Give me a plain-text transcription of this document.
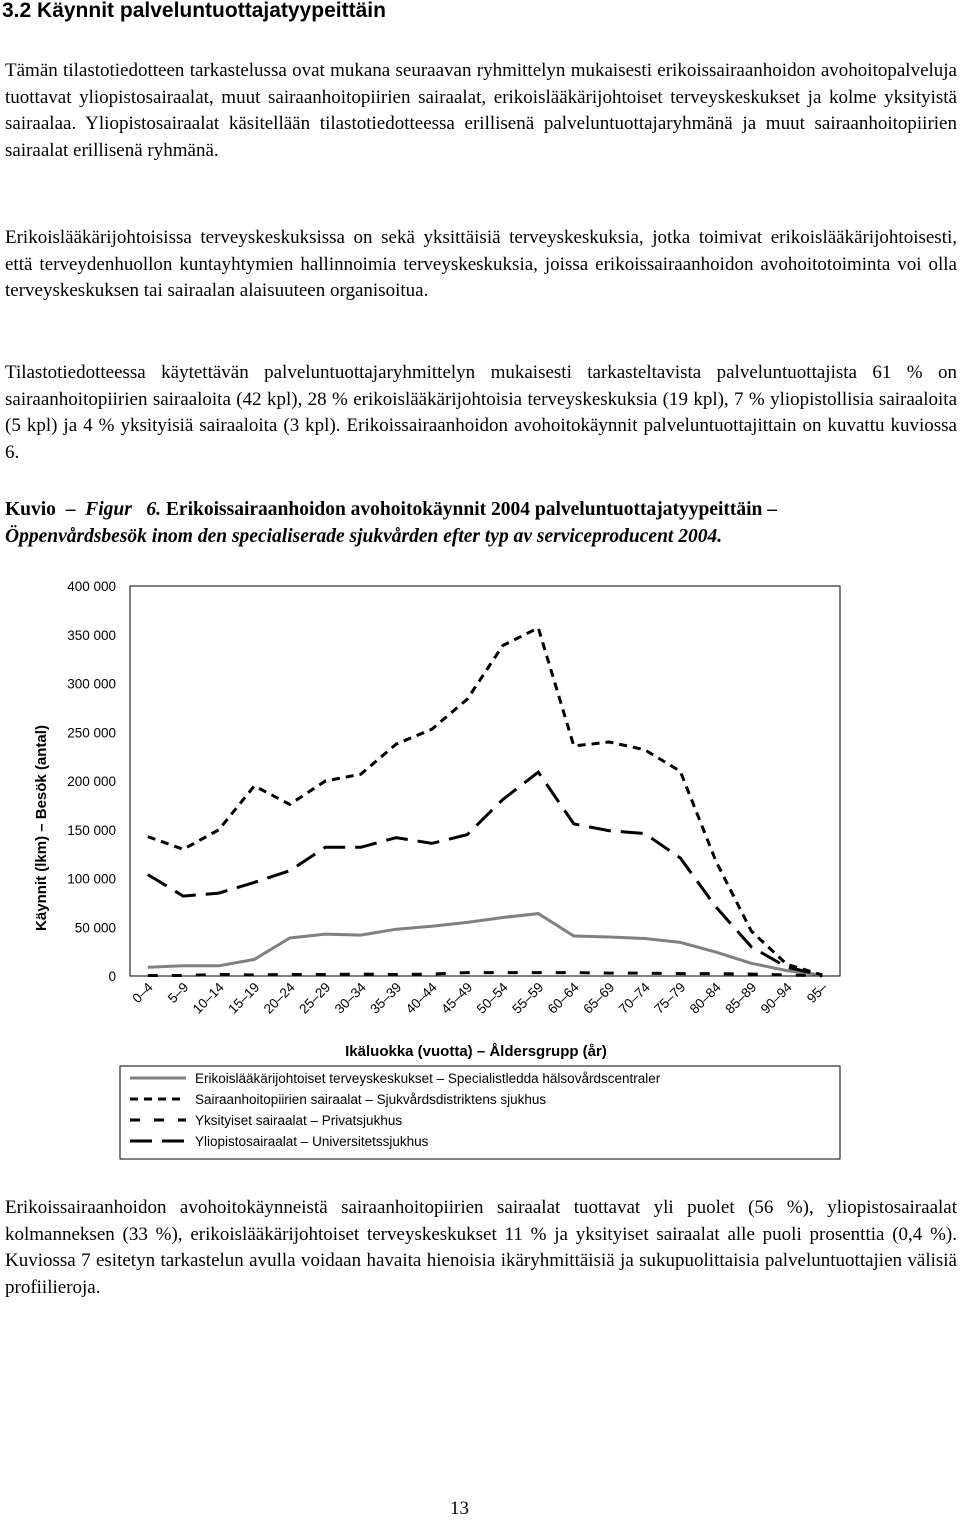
3.2 Käynnit palveluntuottajatyypeittäin

Tämän tilastotiedotteen tarkastelussa ovat mukana seuraavan ryhmittelyn mukaisesti erikoissairaanhoidon avohoitopalveluja tuottavat yliopistosairaalat, muut sairaanhoitopiirien sairaalat, erikoislääkärijohtoiset terveyskeskukset ja kolme yksityistä sairaalaa. Yliopistosairaalat käsitellään tilastotiedotteessa erillisenä palveluntuottajaryhmänä ja muut sairaanhoitopiirien sairaalat erillisenä ryhmänä.

Erikoislääkärijohtoisissa terveyskeskuksissa on sekä yksittäisiä terveyskeskuksia, jotka toimivat erikoislääkärijohtoisesti, että terveydenhuollon kuntayhtymien hallinnoimia terveyskeskuksia, joissa erikoissairaanhoidon avohoitotoiminta voi olla terveyskeskuksen tai sairaalan alaisuuteen organisoitua.

Tilastotiedotteessa käytettävän palveluntuottajaryhmittelyn mukaisesti tarkasteltavista palveluntuottajista 61 % on sairaanhoitopiirien sairaaloita (42 kpl), 28 % erikoislääkärijohtoisia terveyskeskuksia (19 kpl), 7 % yliopistollisia sairaaloita (5 kpl) ja 4 % yksityisiä sairaaloita (3 kpl). Erikoissairaanhoidon avohoitokäynnit palveluntuottajittain on kuvattu kuviossa 6.

Kuvio  –  Figur 6. Erikoissairaanhoidon avohoitokäynnit 2004 palveluntuottajatyypeittäin –
Öppenvårdsbesök inom den specialiserade sjukvården efter typ av serviceproducent 2004.
0
50 000
100 000
150 000
200 000
250 000
300 000
350 000
400 000
Käynnit (lkm) – Besök (antal)
0–4 5–9
10–14
15–19
20–24
25–29
30–34
35–39
40–44
45–49
50–54
55–59
60–64
65–69
70–74
75–79
80–84
85–89
90–94 95–
Ikäluokka (vuotta) – Åldersgrupp (år)
Erikoislääkärijohtoiset terveyskeskukset – Specialistledda hälsovårdscentraler
Sairaanhoitopiirien sairaalat – Sjukvårdsdistriktens sjukhus
Yksityiset sairaalat – Privatsjukhus
Yliopistosairaalat – Universitetssjukhus

Erikoissairaanhoidon avohoitokäynneistä sairaanhoitopiirien sairaalat tuottavat yli puolet (56 %), yliopistosairaalat kolmanneksen (33 %), erikoislääkärijohtoiset terveyskeskukset 11 % ja yksityiset sairaalat alle puoli prosenttia (0,4 %). Kuviossa 7 esitetyn tarkastelun avulla voidaan havaita hienoisia ikäryhmittäisiä ja sukupuolittaisia palveluntuottajien välisiä profiilieroja.

13
